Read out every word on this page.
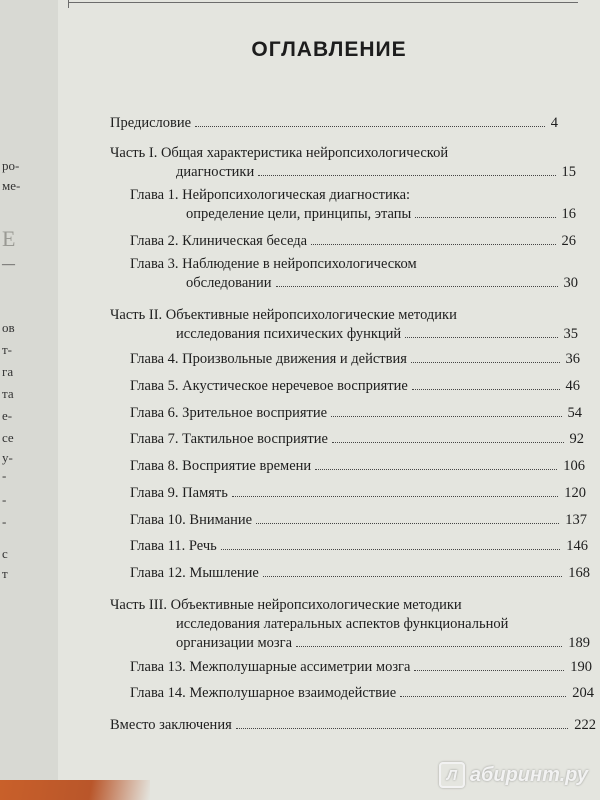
ро-
ме-
Е
—
ов
т-
га
та
е-
се
у-
-
-
-
с
т
ОГЛАВЛЕНИЕ
Предисловие	4
Часть I. Общая характеристика нейропсихологической
диагностики	15
Глава 1. Нейропсихологическая диагностика:
определение цели, принципы, этапы	16
Глава 2. Клиническая беседа	26
Глава 3. Наблюдение в нейропсихологическом
обследовании	30
Часть II. Объективные нейропсихологические методики
исследования психических функций	35
Глава 4. Произвольные движения и действия	36
Глава 5. Акустическое неречевое восприятие	46
Глава 6. Зрительное восприятие	54
Глава 7. Тактильное восприятие	92
Глава 8. Восприятие времени	106
Глава 9. Память	120
Глава 10. Внимание	137
Глава 11. Речь	146
Глава 12. Мышление	168
Часть III. Объективные нейропсихологические методики
исследования латеральных аспектов функциональной
организации мозга	189
Глава 13. Межполушарные ассиметрии мозга	190
Глава 14. Межполушарное взаимодействие	204
Вместо заключения	222
Л абиринт.ру
